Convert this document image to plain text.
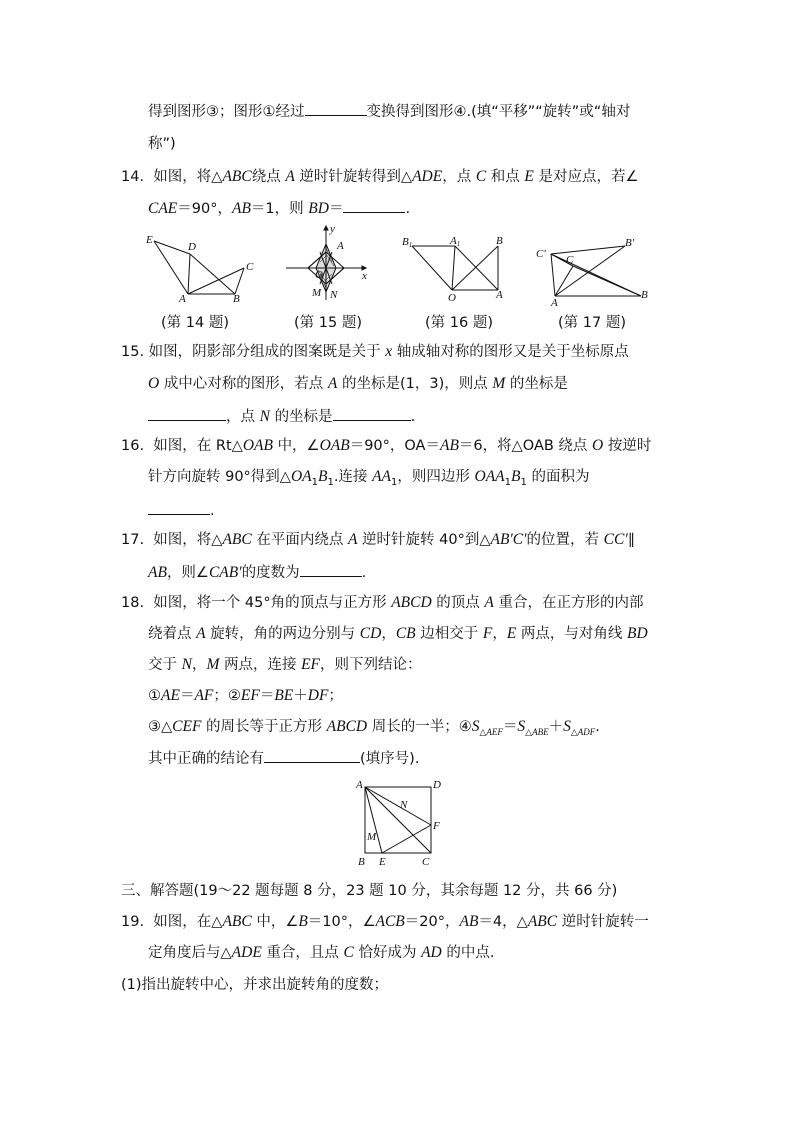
得到图形③；图形①经过	变换得到图形④.(填“平移”“旋转”或“轴对
称”)
14. 如图，将△ABC绕点 A 逆时针旋转得到△ADE，点 C 和点 E 是对应点，若∠
CAE＝90°，AB＝1，则 BD＝	.
E
D
C
A	B
y
x
A
O
M N
B1	A1	B
O	A
C′ C
B′
A
B
(第 14 题)	(第 15 题)	(第 16 题)	(第 17 题)
15. 如图，阴影部分组成的图案既是关于 x 轴成轴对称的图形又是关于坐标原点
O 成中心对称的图形，若点 A 的坐标是(1，3)，则点 M 的坐标是
，点 N 的坐标是	.
16. 如图，在 Rt△OAB 中，∠OAB＝90°，OA＝AB＝6，将△OAB 绕点 O 按逆时
针方向旋转 90°得到$\triangle OA_1B_1$.连接 $AA_1$，则四边形 $OAA_1B_1$ 的面积为
.
17. 如图，将△ABC 在平面内绕点 A 逆时针旋转 40°到△AB′C′的位置，若 CC′∥
AB，则∠CAB′的度数为	.
18. 如图，将一个 45°角的顶点与正方形 ABCD 的顶点 A 重合，在正方形的内部
绕着点 A 旋转，角的两边分别与 CD，CB 边相交于 F，E 两点，与对角线 BD
交于 N，M 两点，连接 EF，则下列结论：
①AE＝AF；②EF＝BE＋DF；
③△CEF 的周长等于正方形 ABCD 周长的一半；$④S_{\triangle AEF}=S_{\triangle ABE}+S_{\triangle ADF}$.
其中正确的结论有	(填序号).
A	D
N
F
M
B E	C
三、解答题(19～22 题每题 8 分，23 题 10 分，其余每题 12 分，共 66 分)
19. 如图，在△ABC 中，∠B＝10°，∠ACB＝20°，AB＝4，△ABC 逆时针旋转一
定角度后与△ADE 重合，且点 C 恰好成为 AD 的中点.
(1)指出旋转中心，并求出旋转角的度数；
